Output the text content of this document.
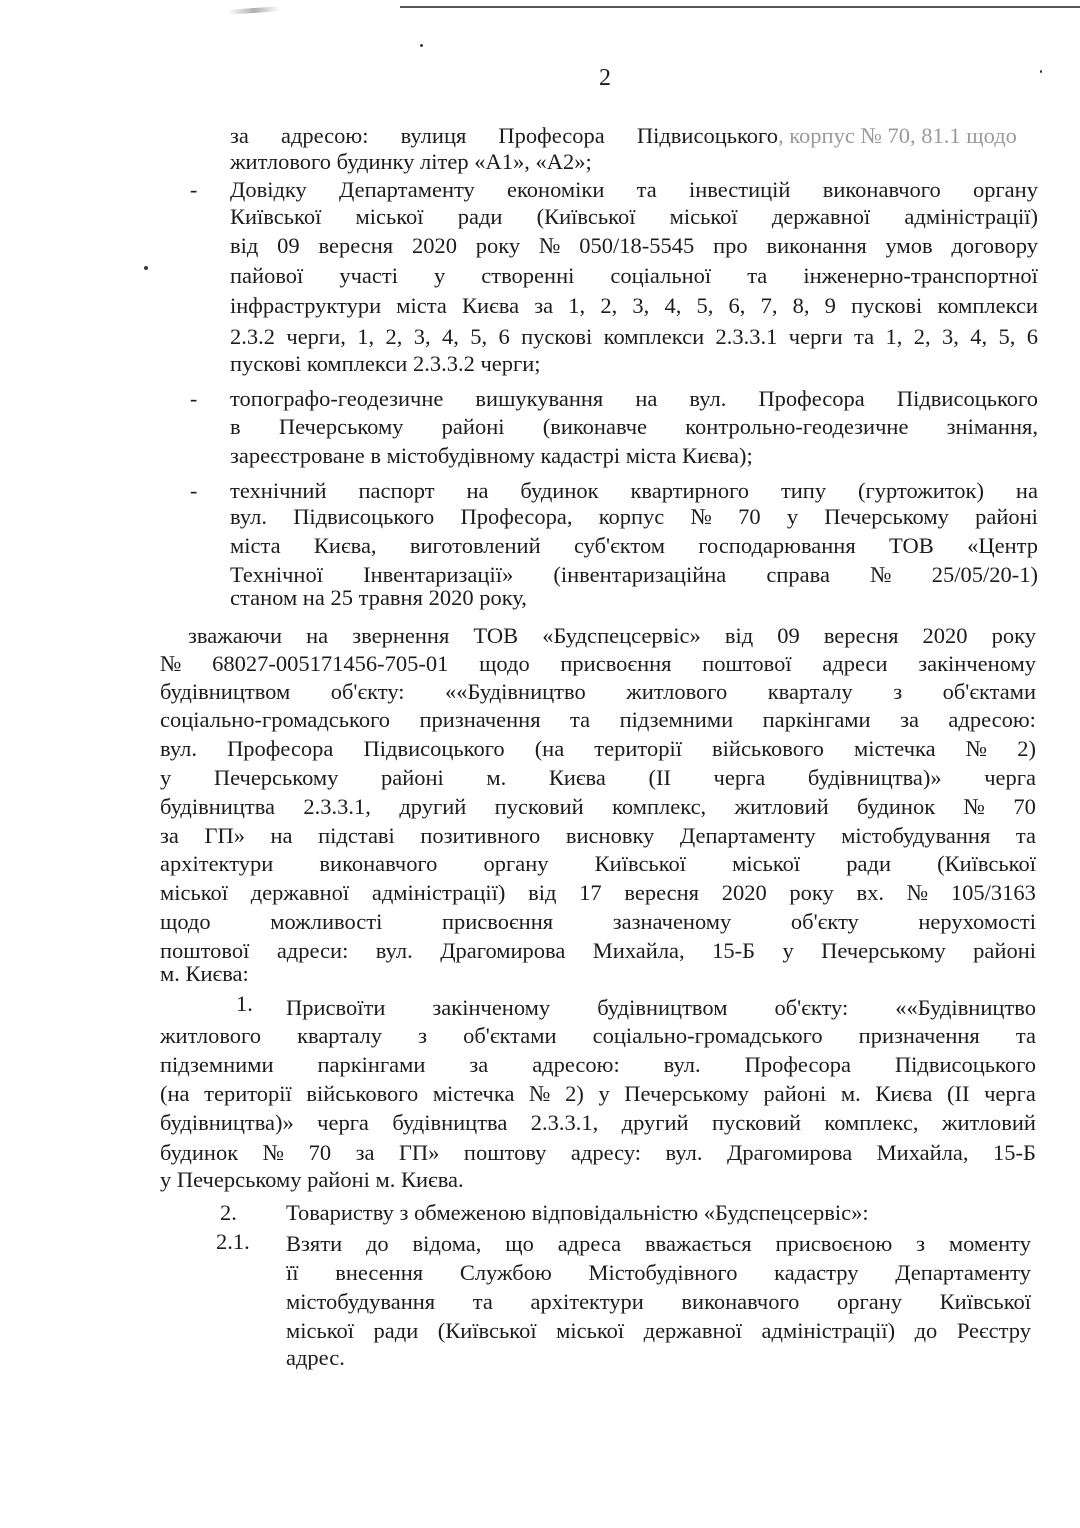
2
за адресою: вулиця Професора Підвисоцького , корпус № 70, 81.1 щодо
житлового будинку літер «А1», «А2»;
- Довідку Департаменту економіки та інвестицій виконавчого органу
Київської міської ради (Київської міської державної адміністрації)
від 09 вересня 2020 року № 050/18-5545 про виконання умов договору
пайової участі у створенні соціальної та інженерно-транспортної
інфраструктури міста Києва за 1, 2, 3, 4, 5, 6, 7, 8, 9 пускові комплекси
2.3.2 черги, 1, 2, 3, 4, 5, 6 пускові комплекси 2.3.3.1 черги та 1, 2, 3, 4, 5, 6
пускові комплекси 2.3.3.2 черги;
- топографо-геодезичне вишукування на вул. Професора Підвисоцького
в Печерському районі (виконавче контрольно-геодезичне знімання,
зареєстроване в містобудівному кадастрі міста Києва);
- технічний паспорт на будинок квартирного типу (гуртожиток) на
вул. Підвисоцького Професора, корпус № 70 у Печерському районі
міста Києва, виготовлений суб'єктом господарювання ТОВ «Центр
Технічної Інвентаризації» (інвентаризаційна справа № 25/05/20-1)
станом на 25 травня 2020 року,
зважаючи на звернення ТОВ «Будспецсервіс» від 09 вересня 2020 року
№ 68027-005171456-705-01 щодо присвоєння поштової адреси закінченому
будівництвом об'єкту: ««Будівництво житлового кварталу з об'єктами
соціально-громадського призначення та підземними паркінгами за адресою:
вул. Професора Підвисоцького (на території військового містечка № 2)
у Печерському районі м. Києва (ІІ черга будівництва)» черга
будівництва 2.3.3.1, другий пусковий комплекс, житловий будинок № 70
за ГП» на підставі позитивного висновку Департаменту містобудування та
архітектури виконавчого органу Київської міської ради (Київської
міської державної адміністрації) від 17 вересня 2020 року вх. № 105/3163
щодо	можливості	присвоєння	зазначеному	об'єкту	нерухомості
поштової адреси: вул. Драгомирова Михайла, 15-Б у Печерському районі
м. Києва:
1. Присвоїти закінченому будівництвом об'єкту: ««Будівництво
житлового кварталу з об'єктами соціально-громадського призначення та
підземними паркінгами за адресою: вул. Професора Підвисоцького
(на території військового містечка № 2) у Печерському районі м. Києва (ІІ черга
будівництва)» черга будівництва 2.3.3.1, другий пусковий комплекс, житловий
будинок № 70 за ГП» поштову адресу: вул. Драгомирова Михайла, 15-Б
у Печерському районі м. Києва.
2. Товариству з обмеженою відповідальністю «Будспецсервіс»:
2.1. Взяти до відома, що адреса вважається присвоєною з моменту
її внесення Службою Містобудівного кадастру Департаменту
містобудування та архітектури виконавчого органу Київської
міської ради (Київської міської державної адміністрації) до Реєстру
адрес.
